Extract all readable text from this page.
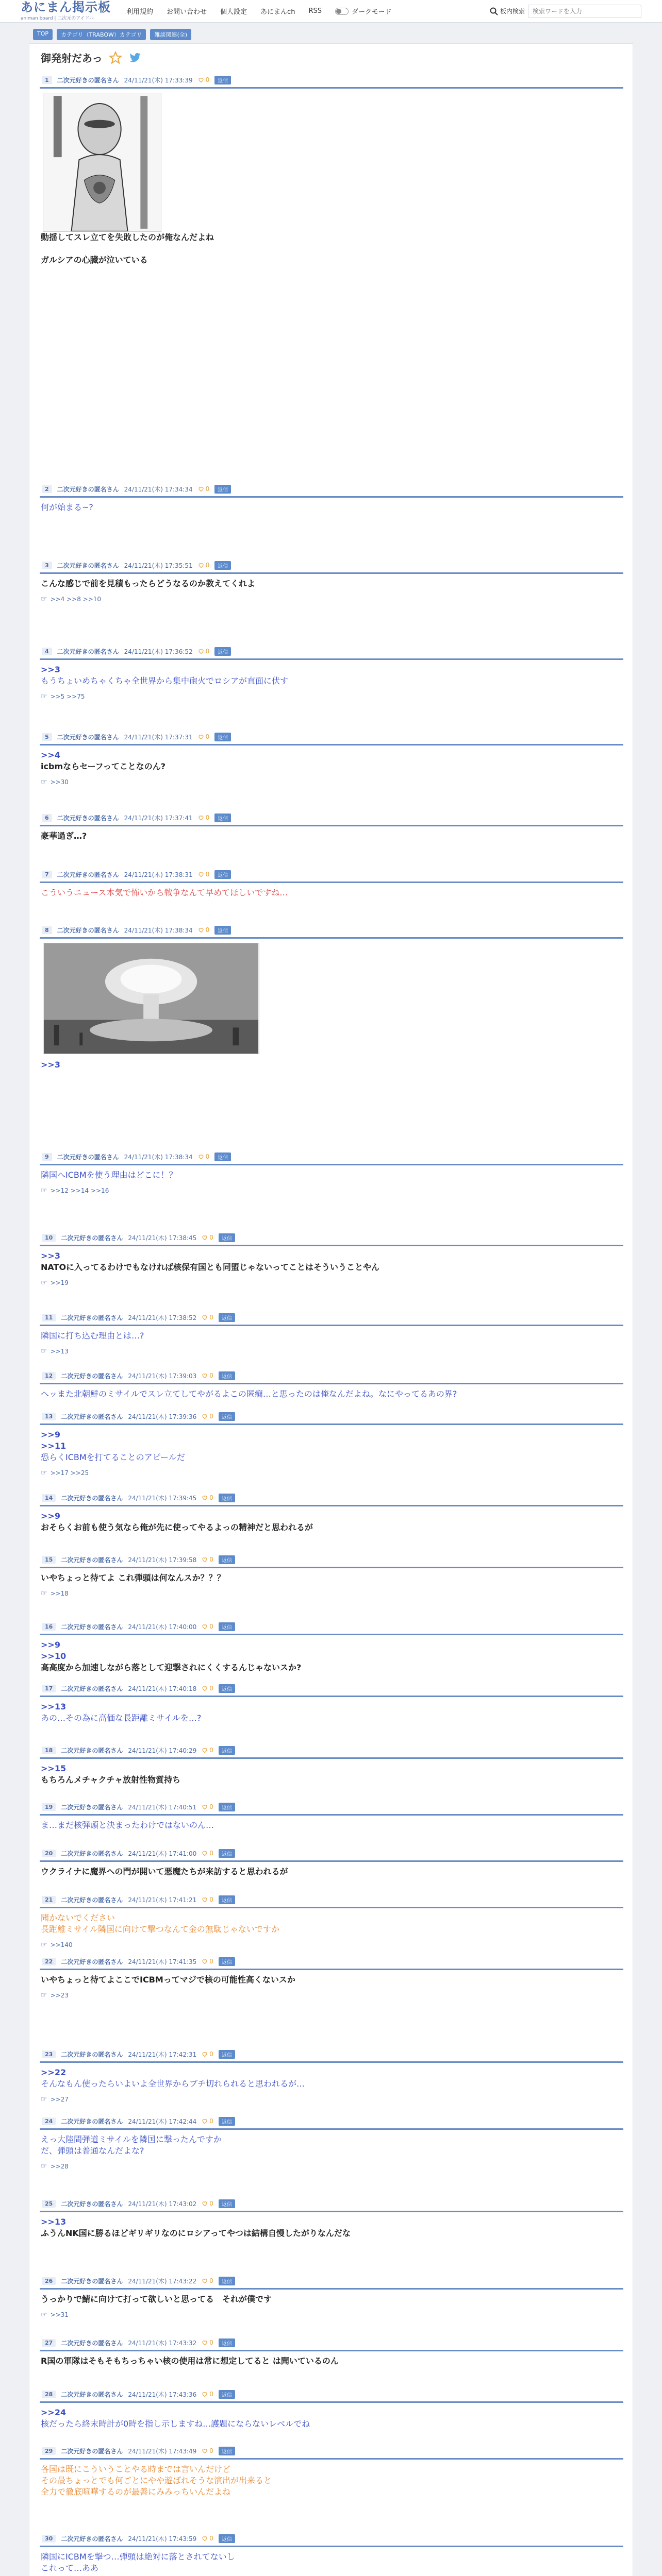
あにまん掲示板
animan board | 二次元のアイドル
利用規約 お問い合わせ 個人設定 あにまんch RSS	ダークモード	板内検索
検索ワードを入力
TOP	カテゴリ（TRABOW）カテゴリ	雑談関連(全)
御発射だあっ
1	二次元好きの匿名さん 24/11/21(木) 17:33:39 0	返信
動揺してスレ立てを失敗したのが俺なんだよね

ガルシアの心臓が泣いている
2	二次元好きの匿名さん 24/11/21(木) 17:34:34 0	返信
何が始まる~?
3	二次元好きの匿名さん 24/11/21(木) 17:35:51 0	返信
こんな感じで前を見積もったらどうなるのか教えてくれよ
☞ >>4 >>8 >>10
4	二次元好きの匿名さん 24/11/21(木) 17:36:52 0	返信
>>3
もうちょいめちゃくちゃ全世界から集中砲火でロシアが直面に伏す
☞ >>5 >>75
5	二次元好きの匿名さん 24/11/21(木) 17:37:31 0	返信
>>4
icbmならセーフってことなのん?
☞ >>30
6	二次元好きの匿名さん 24/11/21(木) 17:37:41 0	返信
豪華過ぎ…?
7	二次元好きの匿名さん 24/11/21(木) 17:38:31 0	返信
こういうニュース本気で怖いから戦争なんて早めてほしいですね…
8	二次元好きの匿名さん 24/11/21(木) 17:38:34 0	返信
>>3
9	二次元好きの匿名さん 24/11/21(木) 17:38:34 0	返信
隣国へICBMを使う理由はどこに！？
☞ >>12 >>14 >>16
10	二次元好きの匿名さん 24/11/21(木) 17:38:45 0	返信
>>3
NATOに入ってるわけでもなければ核保有国とも同盟じゃないってことはそういうことやん
☞ >>19
11	二次元好きの匿名さん 24/11/21(木) 17:38:52 0	返信
隣国に打ち込む理由とは…?
☞ >>13
12	二次元好きの匿名さん 24/11/21(木) 17:39:03 0	返信
へッまた北朝鮮のミサイルでスレ立てしてやがるよこの匿癇…と思ったのは俺なんだよね。なにやってるあの界?
13	二次元好きの匿名さん 24/11/21(木) 17:39:36 0	返信
>>9
>>11
恐らくICBMを打てることのアピールだ
☞ >>17 >>25
14	二次元好きの匿名さん 24/11/21(木) 17:39:45 0	返信
>>9
おそらくお前も使う気なら俺が先に使ってやるよっの精神だと思われるが
15	二次元好きの匿名さん 24/11/21(木) 17:39:58 0	返信
いやちょっと待てよ これ弾頭は何なんスか？？？
☞ >>18
16	二次元好きの匿名さん 24/11/21(木) 17:40:00 0	返信
>>9
>>10
高高度から加速しながら落として迎撃されにくくするんじゃないスか?
17	二次元好きの匿名さん 24/11/21(木) 17:40:18 0	返信
>>13
あの…その為に高価な長距離ミサイルを…?
18	二次元好きの匿名さん 24/11/21(木) 17:40:29 0	返信
>>15
もちろんメチャクチャ放射性物質持ち
19	二次元好きの匿名さん 24/11/21(木) 17:40:51 0	返信
ま…まだ核弾頭と決まったわけではないのん…
20	二次元好きの匿名さん 24/11/21(木) 17:41:00 0	返信
ウクライナに魔界への門が開いて悪魔たちが来訪すると思われるが
21	二次元好きの匿名さん 24/11/21(木) 17:41:21 0	返信
聞かないでください
長距離ミサイル隣国に向けて撃つなんて金の無駄じゃないですか
☞ >>140
22	二次元好きの匿名さん 24/11/21(木) 17:41:35 0	返信
いやちょっと待てよここでICBMってマジで核の可能性高くないスか
☞ >>23
23	二次元好きの匿名さん 24/11/21(木) 17:42:31 0	返信
>>22
そんなもん使ったらいよいよ全世界からブチ切れられると思われるが…
☞ >>27
24	二次元好きの匿名さん 24/11/21(木) 17:42:44 0	返信
えっ大陸間弾道ミサイルを隣国に撃ったんですか
だ、弾頭は普通なんだよな?
☞ >>28
25	二次元好きの匿名さん 24/11/21(木) 17:43:02 0	返信
>>13
ふうんNK国に勝るほどギリギリなのにロシアってやつは結構自慢したがりなんだな
26	二次元好きの匿名さん 24/11/21(木) 17:43:22 0	返信
うっかりで鯖に向けて打って欲しいと思ってる　それが僕です
☞ >>31
27	二次元好きの匿名さん 24/11/21(木) 17:43:32 0	返信
R国の軍隊はそもそもちっちゃい核の使用は常に想定してると は聞いているのん
28	二次元好きの匿名さん 24/11/21(木) 17:43:36 0	返信
>>24
核だったら終末時計が0時を指し示しますね…護題にならないレベルでね
29	二次元好きの匿名さん 24/11/21(木) 17:43:49 0	返信
各国は既にこういうことやる時までは言いんだけど
その最ちょっとでも何ごとにやや遊ばれそうな演出が出来ると
全力で徹底喧嘩するのが最善にみみっちいんだよね
30	二次元好きの匿名さん 24/11/21(木) 17:43:59 0	返信
隣国にICBMを撃つ…弾頭は絶対に落とされてないし
これって…ああ
